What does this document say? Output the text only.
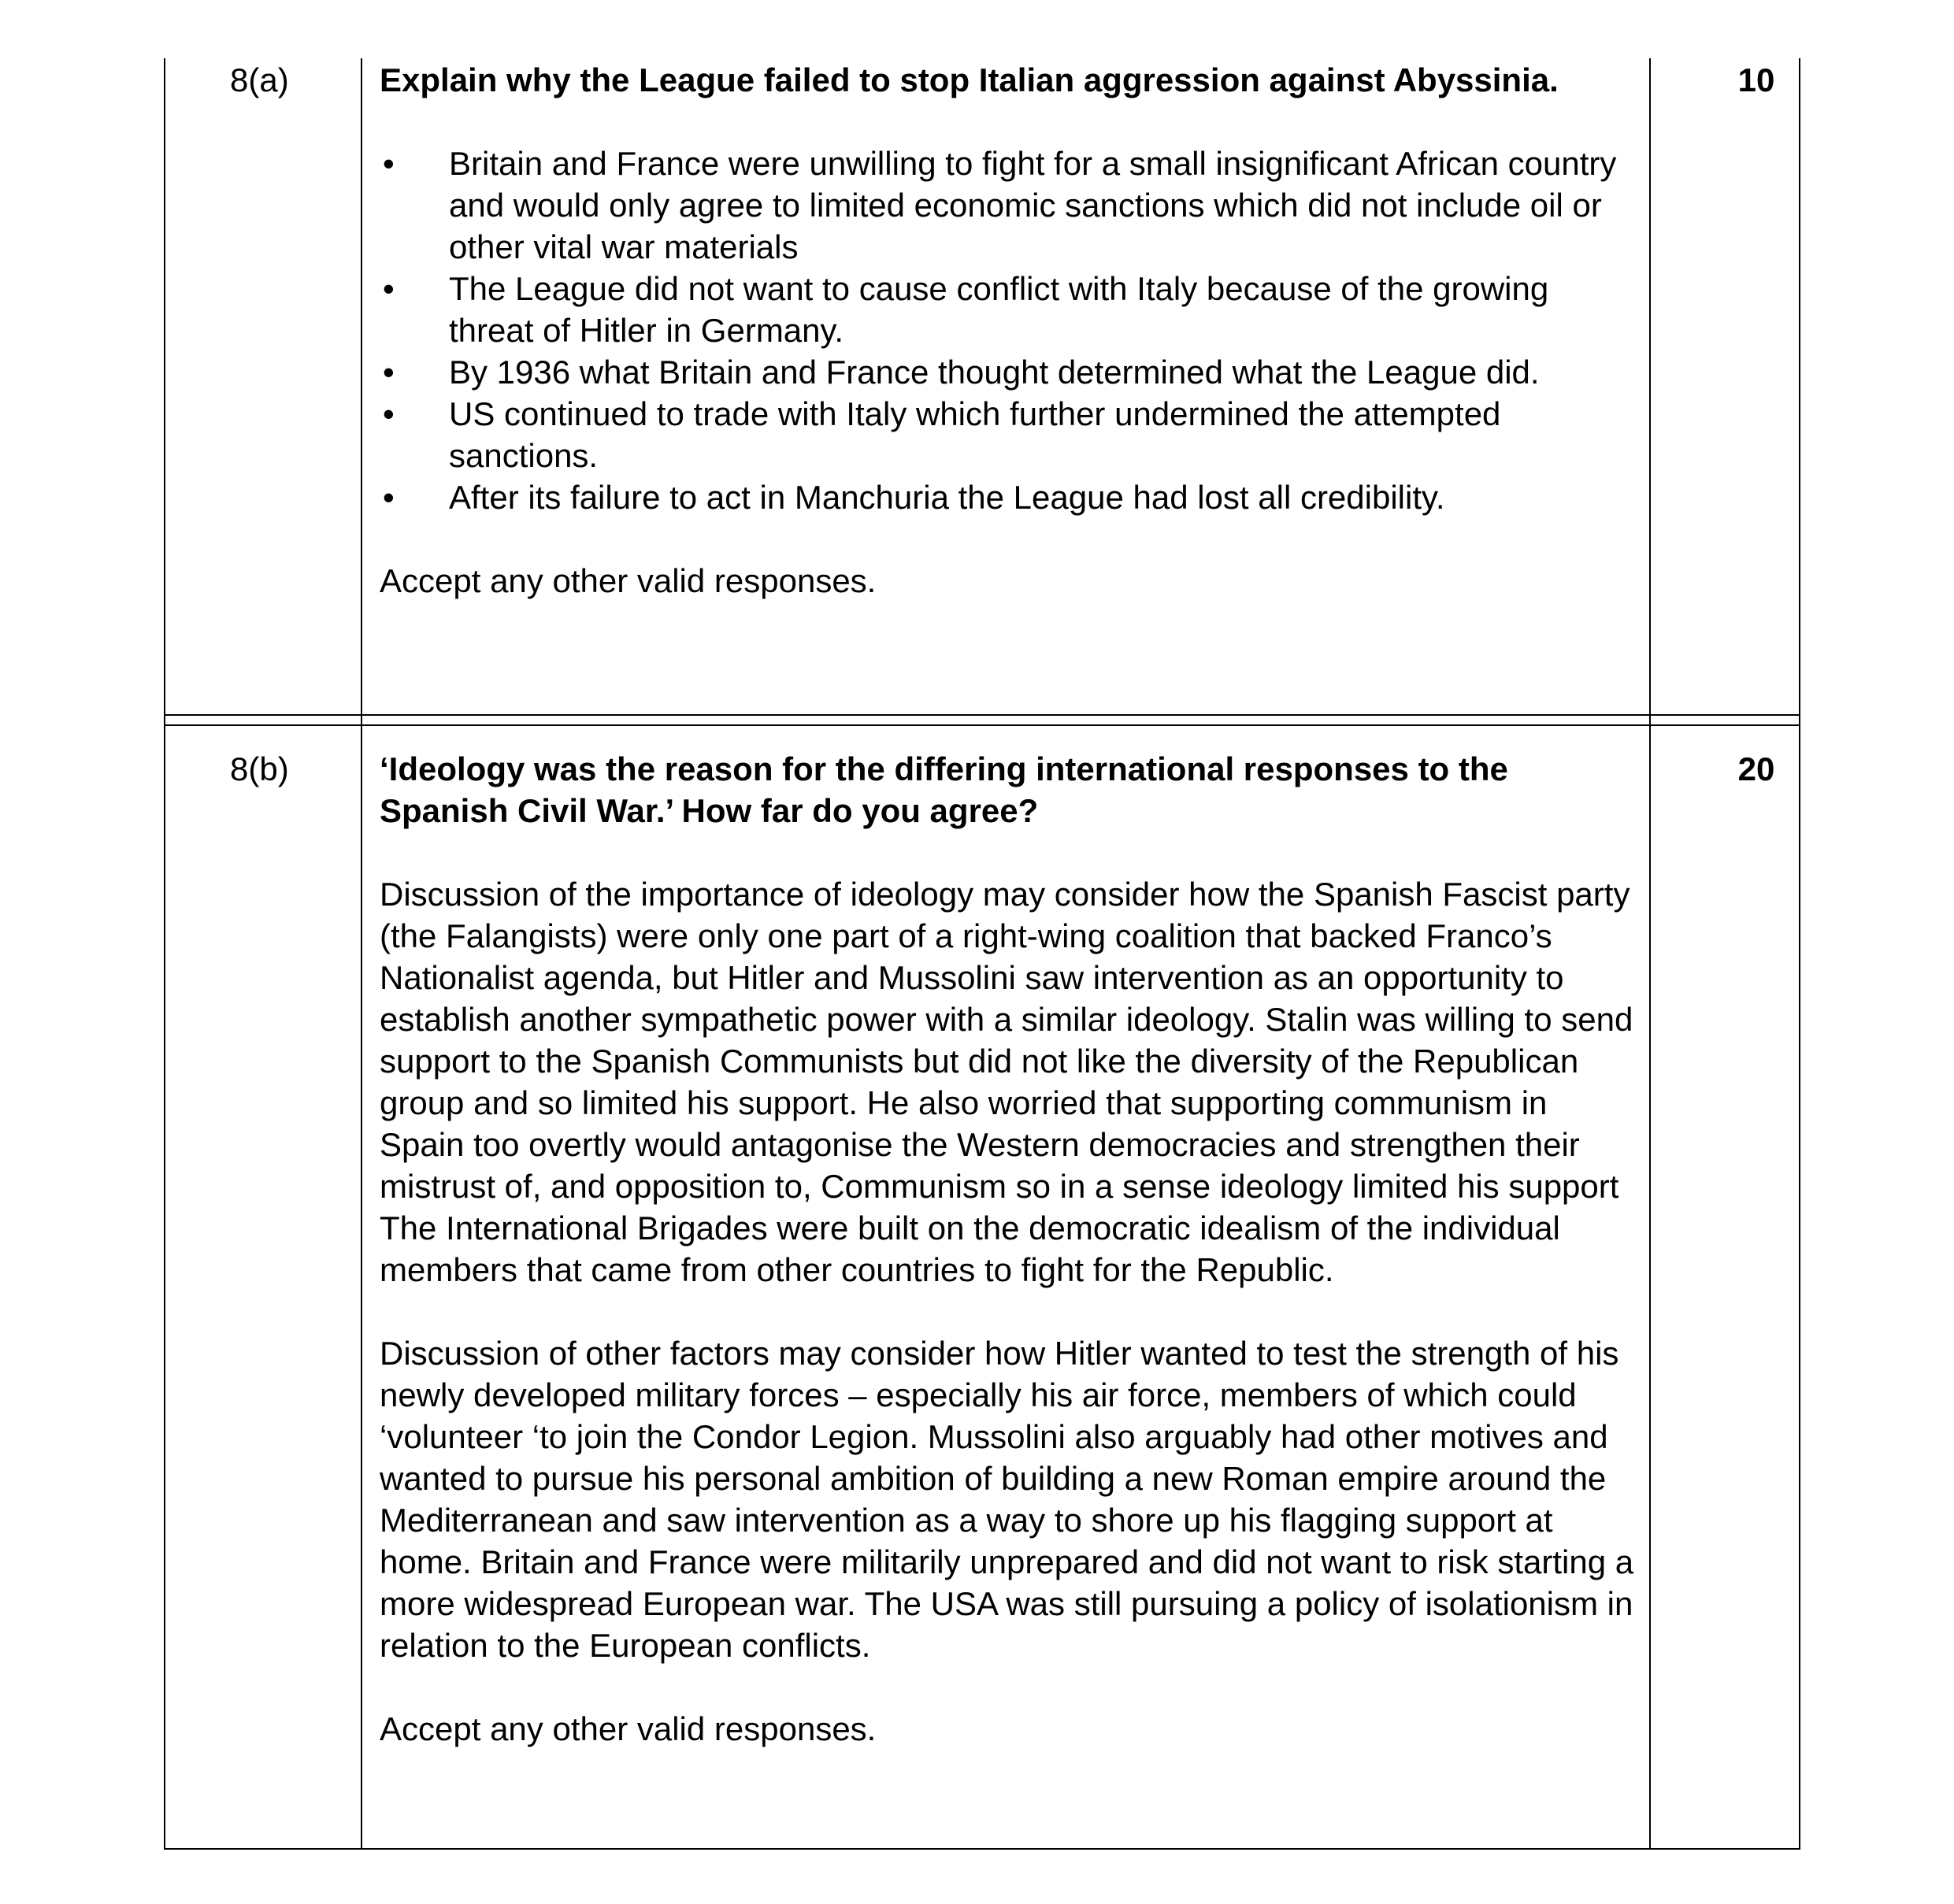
8(a)	10

Explain why the League failed to stop Italian aggression against Abyssinia.

• Britain and France were unwilling to fight for a small insignificant African country and would only agree to limited economic sanctions which did not include oil or other vital war materials
• The League did not want to cause conflict with Italy because of the growing threat of Hitler in Germany.
• By 1936 what Britain and France thought determined what the League did.
• US continued to trade with Italy which further undermined the attempted sanctions.
• After its failure to act in Manchuria the League had lost all credibility.

Accept any other valid responses.

8(b)	20

‘Ideology was the reason for the differing international responses to the Spanish Civil War.’ How far do you agree?

Discussion of the importance of ideology may consider how the Spanish Fascist party (the Falangists) were only one part of a right-wing coalition that backed Franco’s Nationalist agenda, but Hitler and Mussolini saw intervention as an opportunity to establish another sympathetic power with a similar ideology. Stalin was willing to send support to the Spanish Communists but did not like the diversity of the Republican group and so limited his support. He also worried that supporting communism in Spain too overtly would antagonise the Western democracies and strengthen their mistrust of, and opposition to, Communism so in a sense ideology limited his support
The International Brigades were built on the democratic idealism of the individual members that came from other countries to fight for the Republic.

Discussion of other factors may consider how Hitler wanted to test the strength of his newly developed military forces – especially his air force, members of which could ‘volunteer ‘to join the Condor Legion. Mussolini also arguably had other motives and wanted to pursue his personal ambition of building a new Roman empire around the Mediterranean and saw intervention as a way to shore up his flagging support at home. Britain and France were militarily unprepared and did not want to risk starting a more widespread European war. The USA was still pursuing a policy of isolationism in relation to the European conflicts.

Accept any other valid responses.
